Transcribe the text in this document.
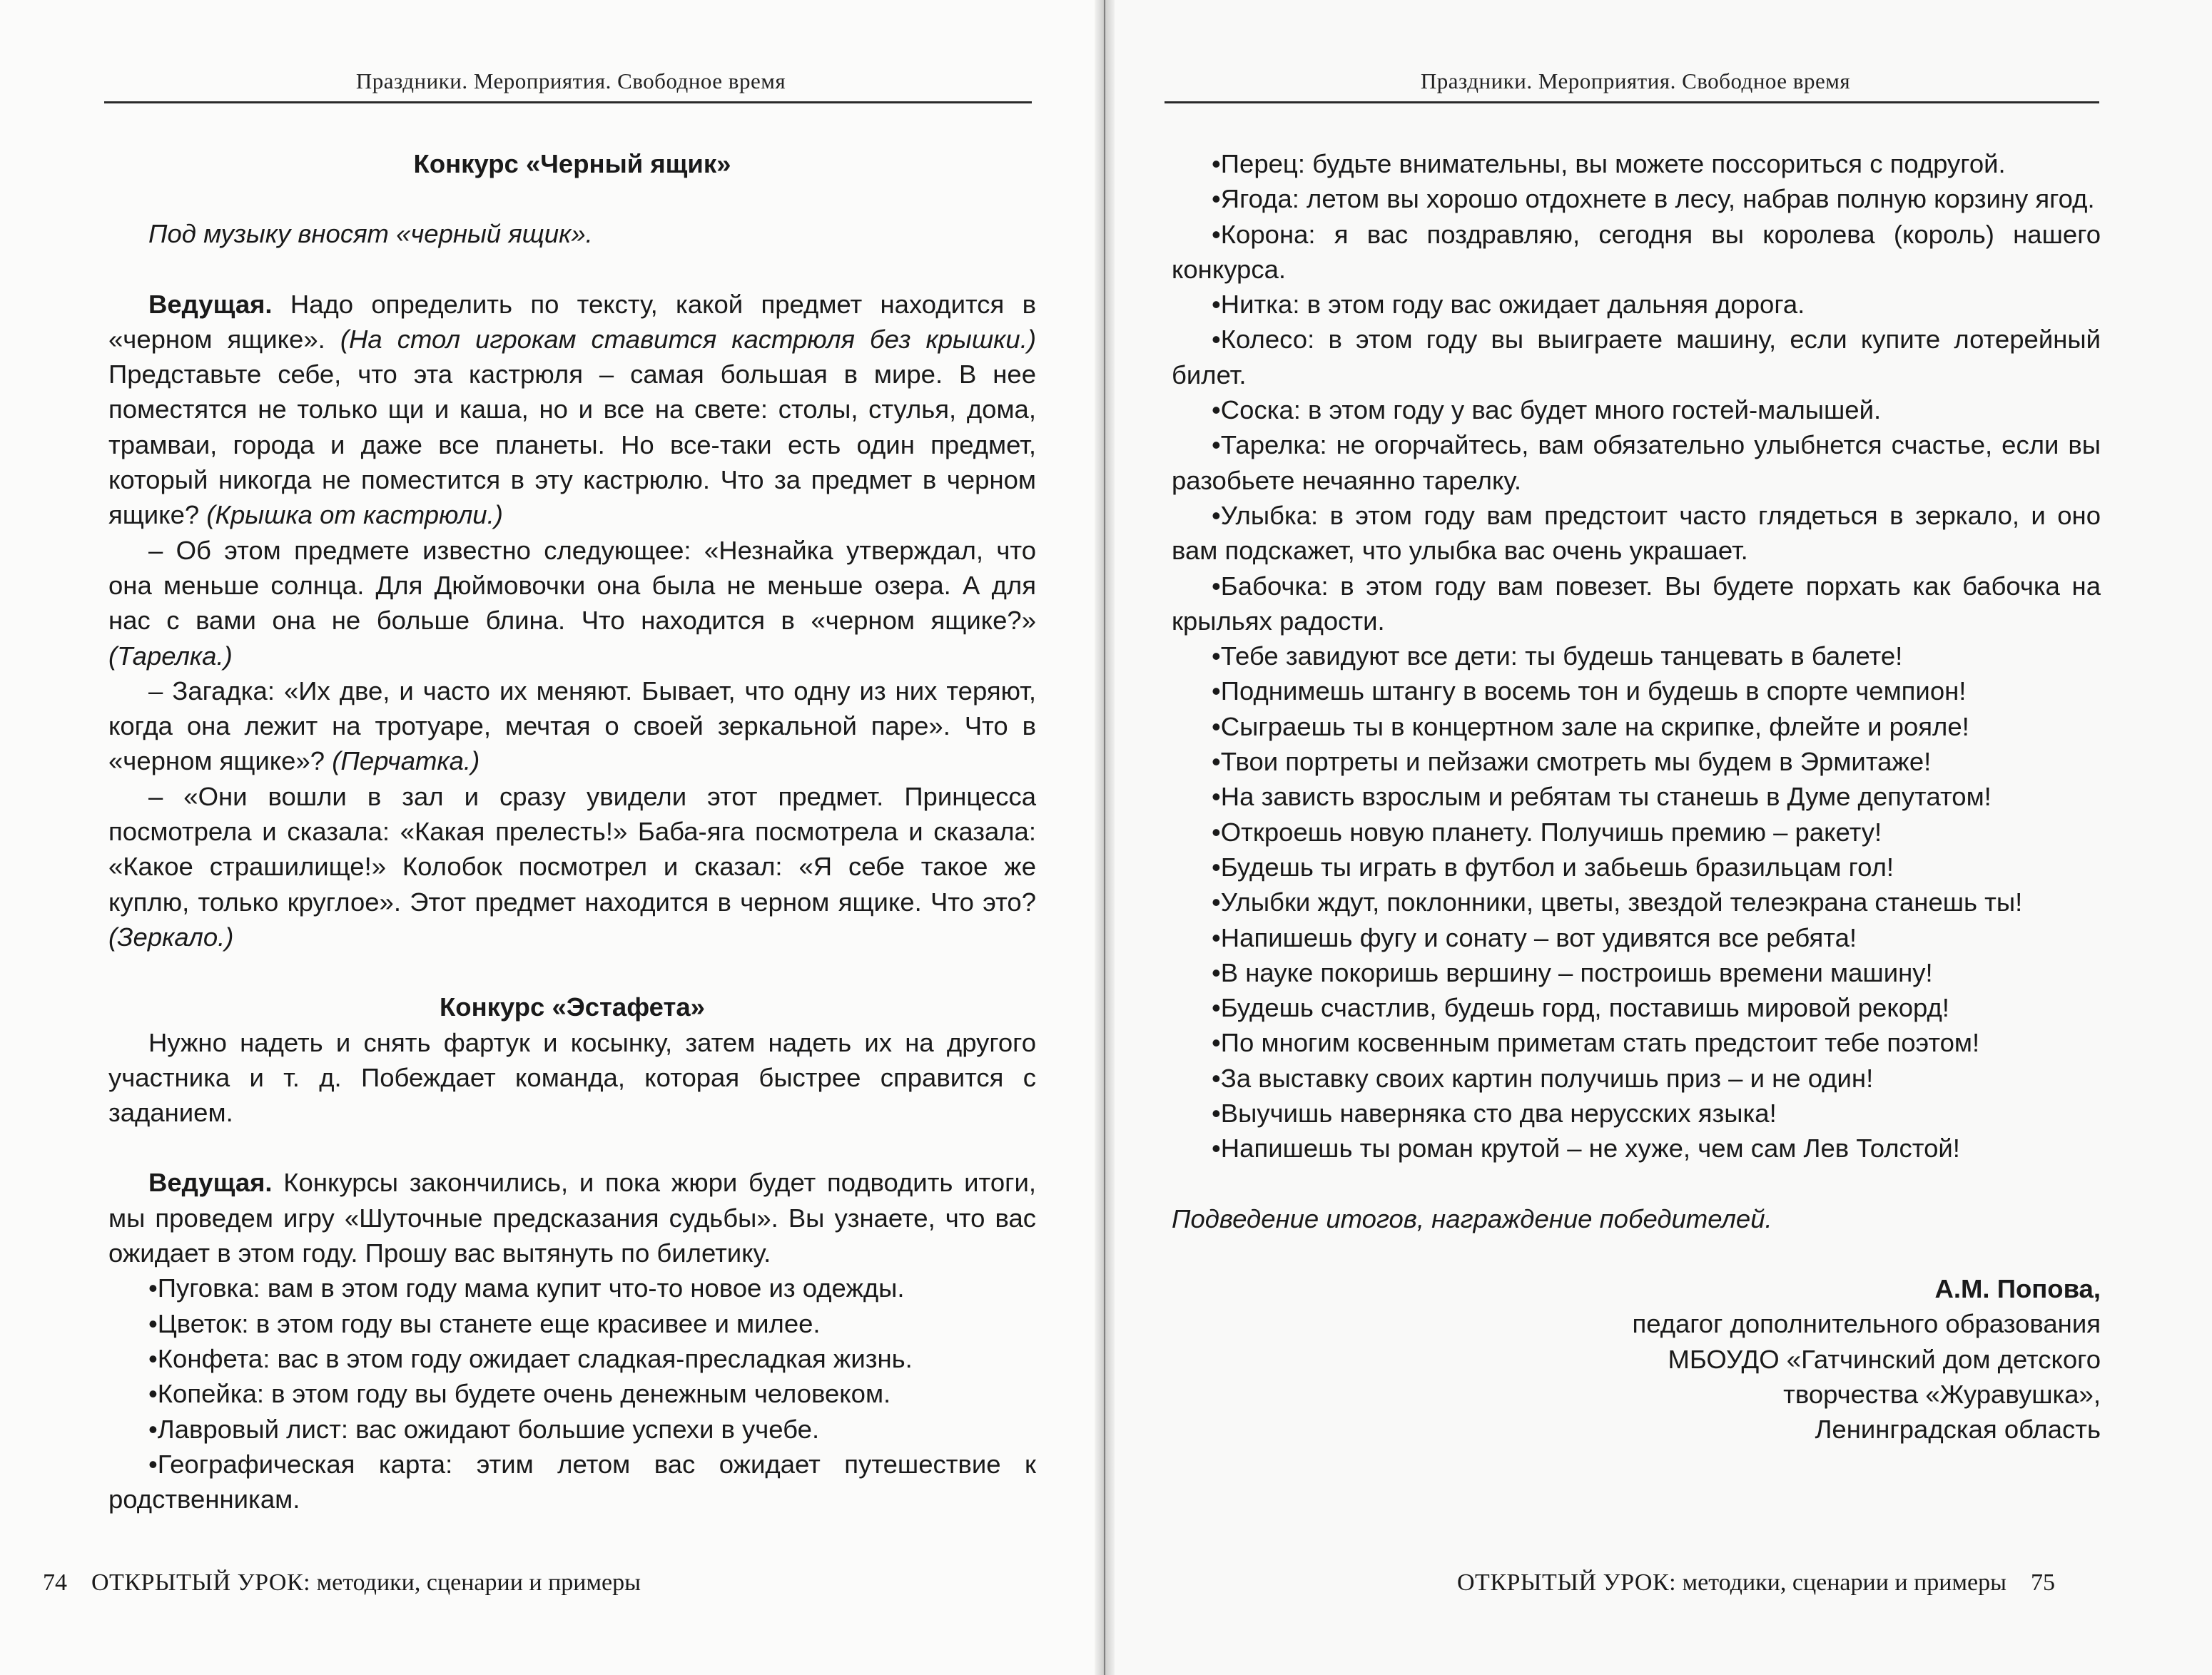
Праздники. Мероприятия. Свободное время
Конкурс «Черный ящик»

Под музыку вносят «черный ящик».

Ведущая. Надо определить по тексту, какой предмет находится в «черном ящике». (На стол игрокам ставится кастрюля без крышки.) Представьте себе, что эта кастрюля – самая большая в мире. В нее поместятся не только щи и каша, но и все на свете: столы, стулья, дома, трамваи, города и даже все планеты. Но все-таки есть один предмет, который никогда не поместится в эту кастрюлю. Что за предмет в черном ящике? (Крышка от кастрюли.)

– Об этом предмете известно следующее: «Незнайка утверждал, что она меньше солнца. Для Дюймовочки она была не меньше озера. А для нас с вами она не больше блина. Что находится в «черном ящике?» (Тарелка.)

– Загадка: «Их две, и часто их меняют. Бывает, что одну из них теряют, когда она лежит на тротуаре, мечтая о своей зеркальной паре». Что в «черном ящике»? (Перчатка.)

– «Они вошли в зал и сразу увидели этот предмет. Принцесса посмотрела и сказала: «Какая прелесть!» Баба-яга посмотрела и сказала: «Какое страшилище!» Колобок посмотрел и сказал: «Я себе такое же куплю, только круглое». Этот предмет находится в черном ящике. Что это? (Зеркало.)

Конкурс «Эстафета»

Нужно надеть и снять фартук и косынку, затем надеть их на другого участника и т. д. Побеждает команда, которая быстрее справится с заданием.

Ведущая. Конкурсы закончились, и пока жюри будет подводить итоги, мы проведем игру «Шуточные предсказания судьбы». Вы узнаете, что вас ожидает в этом году. Прошу вас вытянуть по билетику.

• Пуговка: вам в этом году мама купит что-то новое из одежды.
• Цветок: в этом году вы станете еще красивее и милее.
• Конфета: вас в этом году ожидает сладкая-пресладкая жизнь.
• Копейка: в этом году вы будете очень денежным человеком.
• Лавровый лист: вас ожидают большие успехи в учебе.
• Географическая карта: этим летом вас ожидает путешествие к родственникам.
74 ОТКРЫТЫЙ УРОК: методики, сценарии и примеры
Праздники. Мероприятия. Свободное время
• Перец: будьте внимательны, вы можете поссориться с подругой.
• Ягода: летом вы хорошо отдохнете в лесу, набрав полную корзину ягод.
• Корона: я вас поздравляю, сегодня вы королева (король) нашего конкурса.
• Нитка: в этом году вас ожидает дальняя дорога.
• Колесо: в этом году вы выиграете машину, если купите лотерейный билет.
• Соска: в этом году у вас будет много гостей-малышей.
• Тарелка: не огорчайтесь, вам обязательно улыбнется счастье, если вы разобьете нечаянно тарелку.
• Улыбка: в этом году вам предстоит часто глядеться в зеркало, и оно вам подскажет, что улыбка вас очень украшает.
• Бабочка: в этом году вам повезет. Вы будете порхать как бабочка на крыльях радости.
• Тебе завидуют все дети: ты будешь танцевать в балете!
• Поднимешь штангу в восемь тон и будешь в спорте чемпион!
• Сыграешь ты в концертном зале на скрипке, флейте и рояле!
• Твои портреты и пейзажи смотреть мы будем в Эрмитаже!
• На зависть взрослым и ребятам ты станешь в Думе депутатом!
• Откроешь новую планету. Получишь премию – ракету!
• Будешь ты играть в футбол и забьешь бразильцам гол!
• Улыбки ждут, поклонники, цветы, звездой телеэкрана станешь ты!
• Напишешь фугу и сонату – вот удивятся все ребята!
• В науке покоришь вершину – построишь времени машину!
• Будешь счастлив, будешь горд, поставишь мировой рекорд!
• По многим косвенным приметам стать предстоит тебе поэтом!
• За выставку своих картин получишь приз – и не один!
• Выучишь наверняка сто два нерусских языка!
• Напишешь ты роман крутой – не хуже, чем сам Лев Толстой!

Подведение итогов, награждение победителей.

А.М. Попова,
педагог дополнительного образования
МБОУДО «Гатчинский дом детского
творчества «Журавушка»,
Ленинградская область
ОТКРЫТЫЙ УРОК: методики, сценарии и примеры 75
